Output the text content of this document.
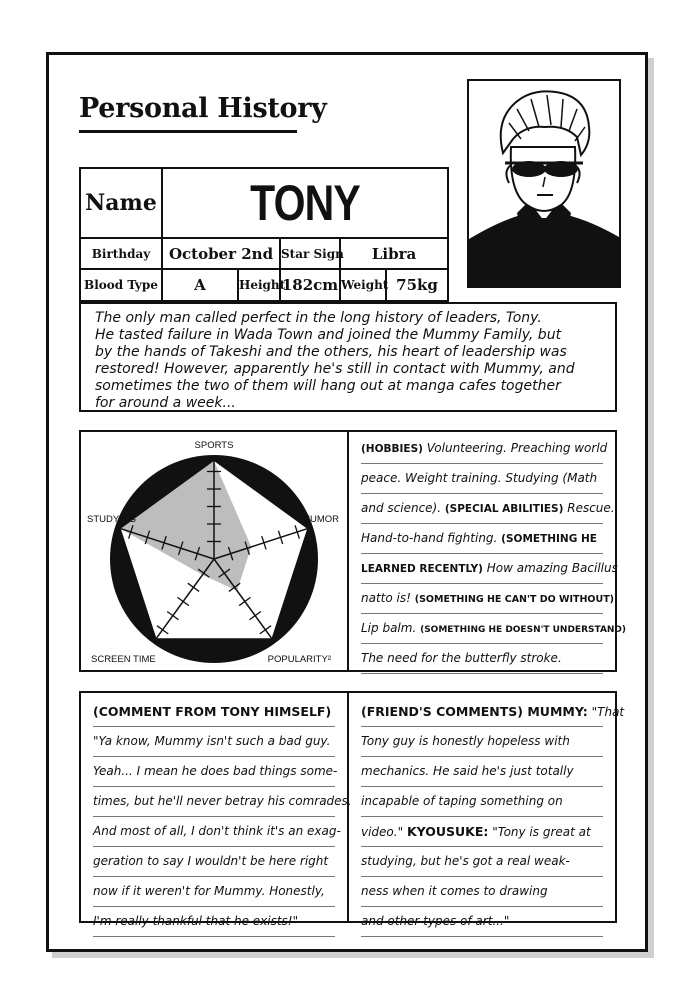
Personal History
Name	TONY				
Birthday	October 2nd		Star Sign	Libra	
Blood Type	A	Height	182cm	Weight	75kg
The only man called perfect in the long history of leaders, Tony.
He tasted failure in Wada Town and joined the Mummy Family, but
by the hands of Takeshi and the others, his heart of leadership was
restored! However, apparently he's still in contact with Mummy, and
sometimes the two of them will hang out at manga cafes together
for around a week...
SPORTS
HUMOR
POPULARITY²
SCREEN TIME
STUDYING
(HOBBIES) Volunteering. Preaching world
peace. Weight training. Studying (Math
and science). (SPECIAL ABILITIES) Rescue.
Hand-to-hand fighting. (SOMETHING HE
LEARNED RECENTLY) How amazing Bacillus
natto is! (SOMETHING HE CAN'T DO WITHOUT)
Lip balm. (SOMETHING HE DOESN'T UNDERSTAND)
The need for the butterfly stroke.
(COMMENT FROM TONY HIMSELF)
"Ya know, Mummy isn't such a bad guy.
Yeah... I mean he does bad things some-
times, but he'll never betray his comrades.
And most of all, I don't think it's an exag-
geration to say I wouldn't be here right
now if it weren't for Mummy. Honestly,
I'm really thankful that he exists!"
(FRIEND'S COMMENTS) MUMMY: "That
Tony guy is honestly hopeless with
mechanics. He said he's just totally
incapable of taping something on
video." KYOUSUKE: "Tony is great at
studying, but he's got a real weak-
ness when it comes to drawing
and other types of art..."
